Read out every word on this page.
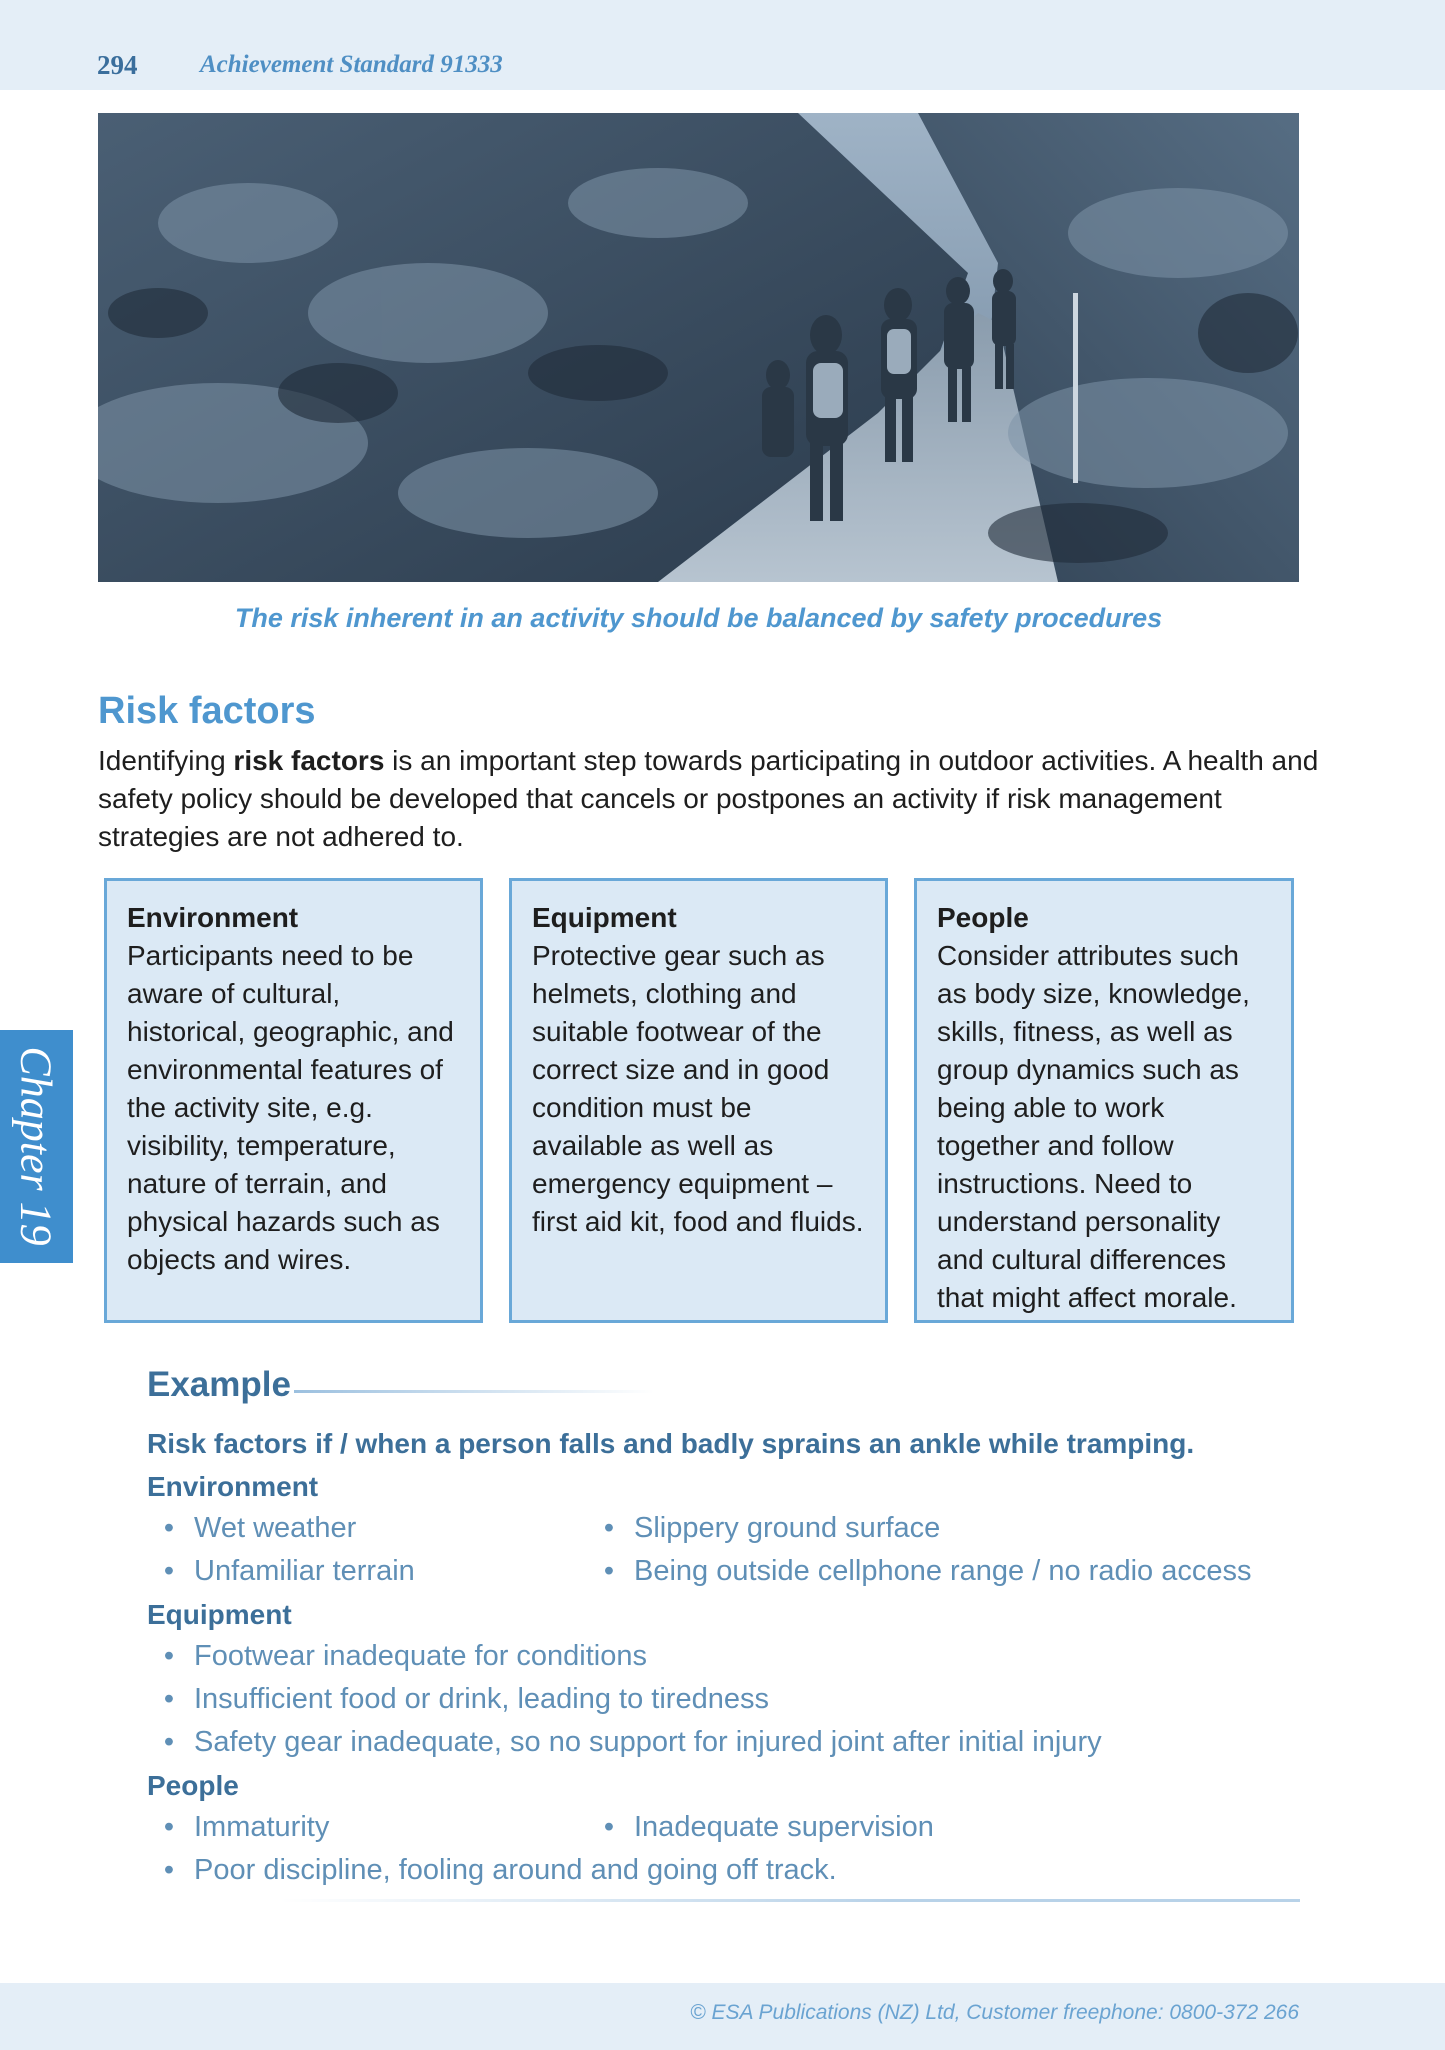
294	Achievement Standard 91333
The risk inherent in an activity should be balanced by safety procedures
Risk factors

Identifying risk factors is an important step towards participating in outdoor activities. A health and safety policy should be developed that cancels or postpones an activity if risk management strategies are not adhered to.

Environment

Participants need to be aware of cultural, historical, geographic, and environmental features of the activity site, e.g. visibility, temperature, nature of terrain, and physical hazards such as objects and wires.

Equipment

Protective gear such as helmets, clothing and suitable footwear of the correct size and in good condition must be available as well as emergency equipment – first aid kit, food and fluids.

People

Consider attributes such as body size, knowledge, skills, fitness, as well as group dynamics such as being able to work together and follow instructions. Need to understand personality and cultural differences that might affect morale.

Chapter 19
Example

Risk factors if / when a person falls and badly sprains an ankle while tramping.

Environment

• Wet weather	• Slippery ground surface
• Unfamiliar terrain	• Being outside cellphone range / no radio access

Equipment

• Footwear inadequate for conditions
• Insufficient food or drink, leading to tiredness
• Safety gear inadequate, so no support for injured joint after initial injury

People

• Immaturity	• Inadequate supervision
• Poor discipline, fooling around and going off track.
© ESA Publications (NZ) Ltd, Customer freephone: 0800-372 266
